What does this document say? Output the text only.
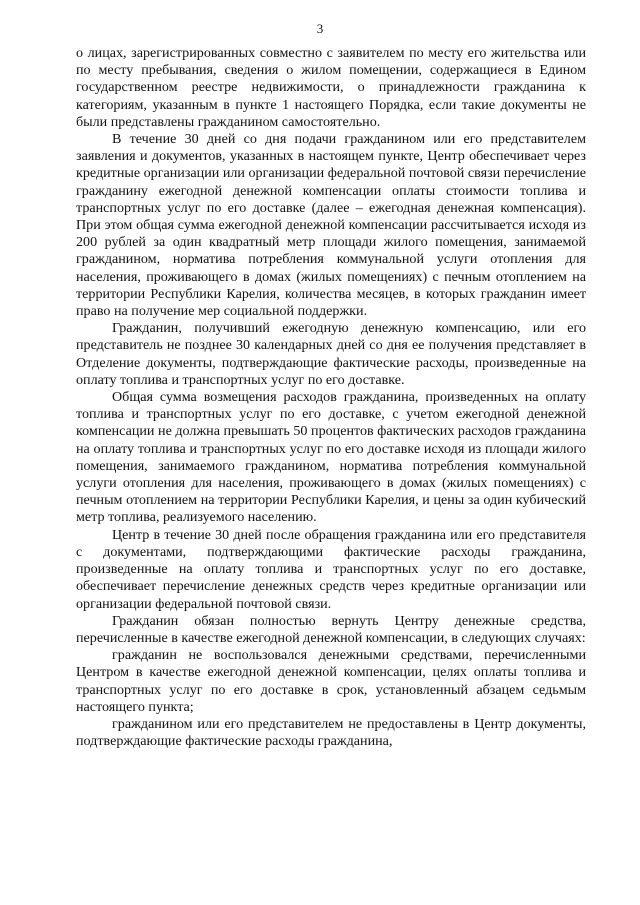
3

о лицах, зарегистрированных совместно с заявителем по месту его жительства или по месту пребывания, сведения о жилом помещении, содержащиеся в Едином государственном реестре недвижимости, о принадлежности гражданина к категориям, указанным в пункте 1 настоящего Порядка, если такие документы не были представлены гражданином самостоятельно.

В течение 30 дней со дня подачи гражданином или его представителем заявления и документов, указанных в настоящем пункте, Центр обеспечивает через кредитные организации или организации федеральной почтовой связи перечисление гражданину ежегодной денежной компенсации оплаты стоимости топлива и транспортных услуг по его доставке (далее – ежегодная денежная компенсация). При этом общая сумма ежегодной денежной компенсации рассчитывается исходя из 200 рублей за один квадратный метр площади жилого помещения, занимаемой гражданином, норматива потребления коммунальной услуги отопления для населения, проживающего в домах (жилых помещениях) с печным отоплением на территории Республики Карелия, количества месяцев, в которых гражданин имеет право на получение мер социальной поддержки.

Гражданин, получивший ежегодную денежную компенсацию, или его представитель не позднее 30 календарных дней со дня ее получения представляет в Отделение документы, подтверждающие фактические расходы, произведенные на оплату топлива и транспортных услуг по его доставке.

Общая сумма возмещения расходов гражданина, произведенных на оплату топлива и транспортных услуг по его доставке, с учетом ежегодной денежной компенсации не должна превышать 50 процентов фактических расходов гражданина на оплату топлива и транспортных услуг по его доставке исходя из площади жилого помещения, занимаемого гражданином, норматива потребления коммунальной услуги отопления для населения, проживающего в домах (жилых помещениях) с печным отоплением на территории Республики Карелия, и цены за один кубический метр топлива, реализуемого населению.

Центр в течение 30 дней после обращения гражданина или его представителя с документами, подтверждающими фактические расходы гражданина, произведенные на оплату топлива и транспортных услуг по его доставке, обеспечивает перечисление денежных средств через кредитные организации или организации федеральной почтовой связи.

Гражданин обязан полностью вернуть Центру денежные средства, перечисленные в качестве ежегодной денежной компенсации, в следующих случаях:

гражданин не воспользовался денежными средствами, перечисленными Центром в качестве ежегодной денежной компенсации, целях оплаты топлива и транспортных услуг по его доставке в срок, установленный абзацем седьмым настоящего пункта;

гражданином или его представителем не предоставлены в Центр документы, подтверждающие фактические расходы гражданина,
